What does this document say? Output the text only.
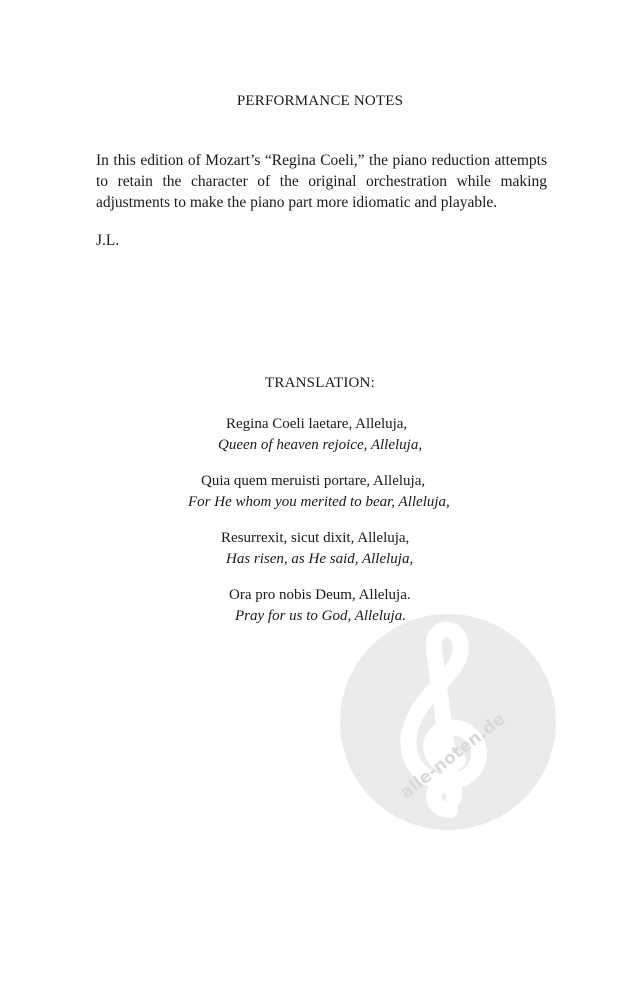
PERFORMANCE NOTES
In this edition of Mozart’s “Regina Coeli,” the piano reduction attempts to retain the character of the original orchestration while making adjustments to make the piano part more idiomatic and playable.
J.L.
TRANSLATION:
Regina Coeli laetare, Alleluja,
Queen of heaven rejoice, Alleluja,
Quia quem meruisti portare, Alleluja,
For He whom you merited to bear, Alleluja,
Resurrexit, sicut dixit, Alleluja,
Has risen, as He said, Alleluja,
Ora pro nobis Deum, Alleluja.
Pray for us to God, Alleluja.
alle-noten.de
